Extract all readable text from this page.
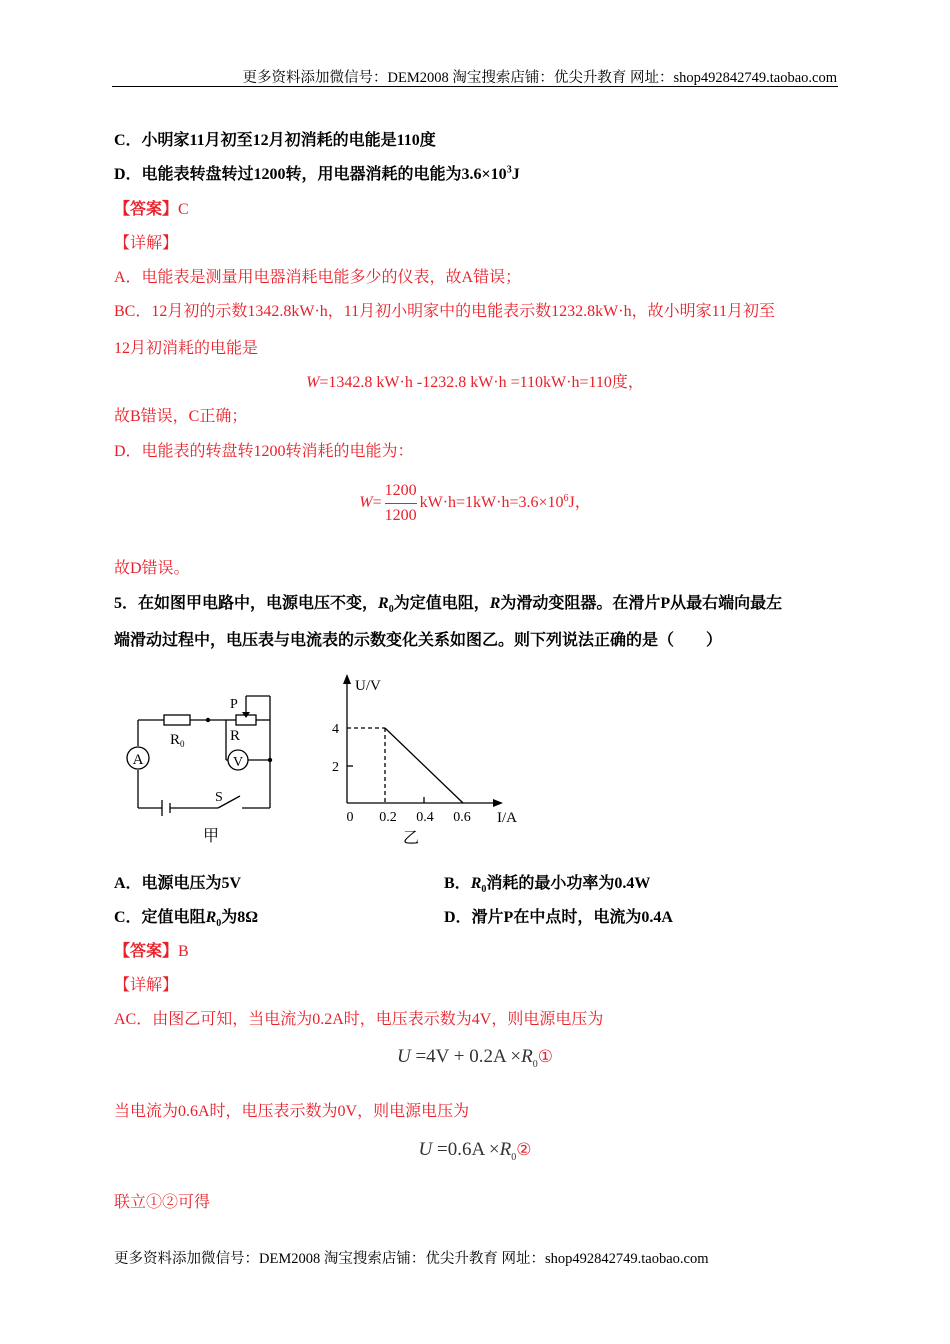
更多资料添加微信号：DEM2008 淘宝搜索店铺：优尖升教育 网址：shop492842749.taobao.com
C．小明家11月初至12月初消耗的电能是110度
D．电能表转盘转过1200转，用电器消耗的电能为$3.6\times 10^3J$
【答案】C
【详解】
A．电能表是测量用电器消耗电能多少的仪表，故A错误；
BC．12月初的示数1342.8kW·h，11月初小明家中的电能表示数1232.8kW·h，故小明家11月初至
12月初消耗的电能是
W=1342.8 kW·h -1232.8 kW·h =110kW·h=110度，
故B错误，C正确；
D．电能表的转盘转1200转消耗的电能为：
$W= \frac{1200}{1200} kW\cdot h=1kW\cdot h=3.6\times 10^6J$，
故D错误。
5．在如图甲电路中，电源电压不变，$R_0$为定值电阻，R为滑动变阻器。在滑片P从最右端向最左
端滑动过程中，电压表与电流表的示数变化关系如图乙。则下列说法正确的是（　　）
A	V
$R_0$	R
P
S
甲
U/V
I/A
4
2
0 0.2 0.4 0.6
乙
A．电源电压为5V	B．$R_0$消耗的最小功率为0.4W
C．定值电阻$R_0$为8Ω	D．滑片P在中点时，电流为0.4A
【答案】B
【详解】
AC．由图乙可知，当电流为0.2A时，电压表示数为4V，则电源电压为
$U =4V + 0.2A \times R_0①$
当电流为0.6A时，电压表示数为0V，则电源电压为
$U =0.6A \times R_0②$
联立①②可得
更多资料添加微信号：DEM2008 淘宝搜索店铺：优尖升教育 网址：shop492842749.taobao.com
